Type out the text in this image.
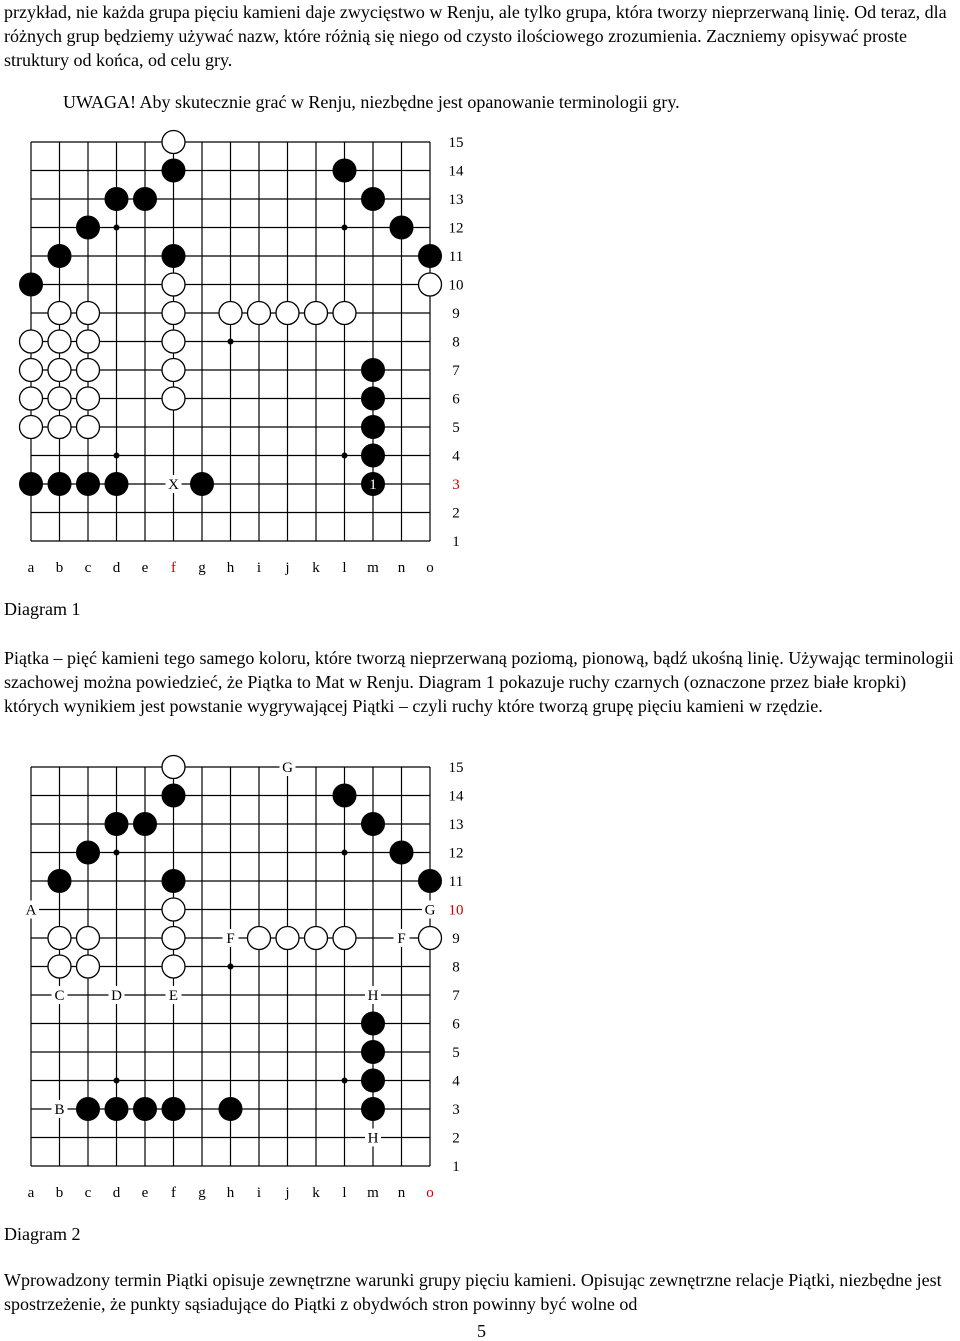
przykład, nie każda grupa pięciu kamieni daje zwycięstwo w Renju, ale tylko grupa, która tworzy nieprzerwaną linię. Od teraz, dla różnych grup będziemy używać nazw, które różnią się niego od czysto ilościowego zrozumienia. Zaczniemy opisywać proste struktury od końca, od celu gry.

UWAGA! Aby skutecznie grać w Renju, niezbędne jest opanowanie terminologii gry.
a b c d e f g h i j k l m n o
15
14
13
12
11
10
9
8
7
6
5
4
3
2
1
X	1
Diagram 1

Piątka – pięć kamieni tego samego koloru, które tworzą nieprzerwaną poziomą, pionową, bądź ukośną linię. Używając terminologii szachowej można powiedzieć, że Piątka to Mat w Renju. Diagram 1 pokazuje ruchy czarnych (oznaczone przez białe kropki) których wynikiem jest powstanie wygrywającej Piątki – czyli ruchy które tworzą grupę pięciu kamieni w rzędzie.

a b c d e f g h i j k l m n o
15
14
13
12
11
10
9
8
7
6
5
4
3
2
1
G
G
A
B
C	D	E
F	F
H
H
Diagram 2

Wprowadzony termin Piątki opisuje zewnętrzne warunki grupy pięciu kamieni. Opisując zewnętrzne relacje Piątki, niezbędne jest spostrzeżenie, że punkty sąsiadujące do Piątki z obydwóch stron powinny być wolne od

5
